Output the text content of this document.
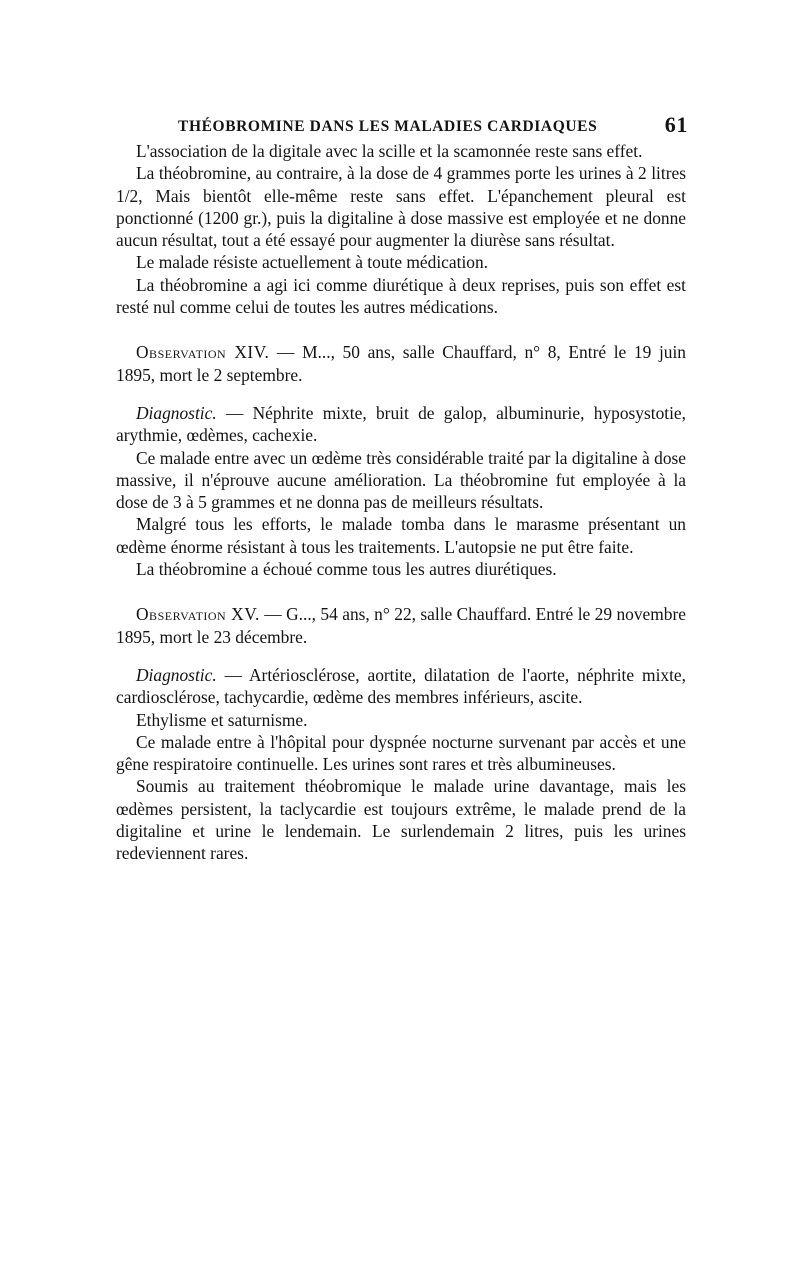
THÉOBROMINE DANS LES MALADIES CARDIAQUES	61

L'association de la digitale avec la scille et la scamonnée reste sans effet.

La théobromine, au contraire, à la dose de 4 grammes porte les urines à 2 litres 1/2, Mais bientôt elle-même reste sans effet. L'épanchement pleural est ponctionné (1200 gr.), puis la digitaline à dose massive est employée et ne donne aucun résultat, tout a été essayé pour augmenter la diurèse sans résultat.

Le malade résiste actuellement à toute médication.

La théobromine a agi ici comme diurétique à deux reprises, puis son effet est resté nul comme celui de toutes les autres médications.

Observation XIV. — M..., 50 ans, salle Chauffard, n° 8, Entré le 19 juin 1895, mort le 2 septembre.

Diagnostic. — Néphrite mixte, bruit de galop, albuminurie, hyposystotie, arythmie, œdèmes, cachexie.

Ce malade entre avec un œdème très considérable traité par la digitaline à dose massive, il n'éprouve aucune amélioration. La théobromine fut employée à la dose de 3 à 5 grammes et ne donna pas de meilleurs résultats.

Malgré tous les efforts, le malade tomba dans le marasme présentant un œdème énorme résistant à tous les traitements. L'autopsie ne put être faite.

La théobromine a échoué comme tous les autres diurétiques.

Observation XV. — G..., 54 ans, n° 22, salle Chauffard. Entré le 29 novembre 1895, mort le 23 décembre.

Diagnostic. — Artériosclérose, aortite, dilatation de l'aorte, néphrite mixte, cardiosclérose, tachycardie, œdème des membres inférieurs, ascite.

Ethylisme et saturnisme.

Ce malade entre à l'hôpital pour dyspnée nocturne survenant par accès et une gêne respiratoire continuelle. Les urines sont rares et très albumineuses.

Soumis au traitement théobromique le malade urine davantage, mais les œdèmes persistent, la taclycardie est toujours extrême, le malade prend de la digitaline et urine le lendemain. Le surlendemain 2 litres, puis les urines redeviennent rares.
